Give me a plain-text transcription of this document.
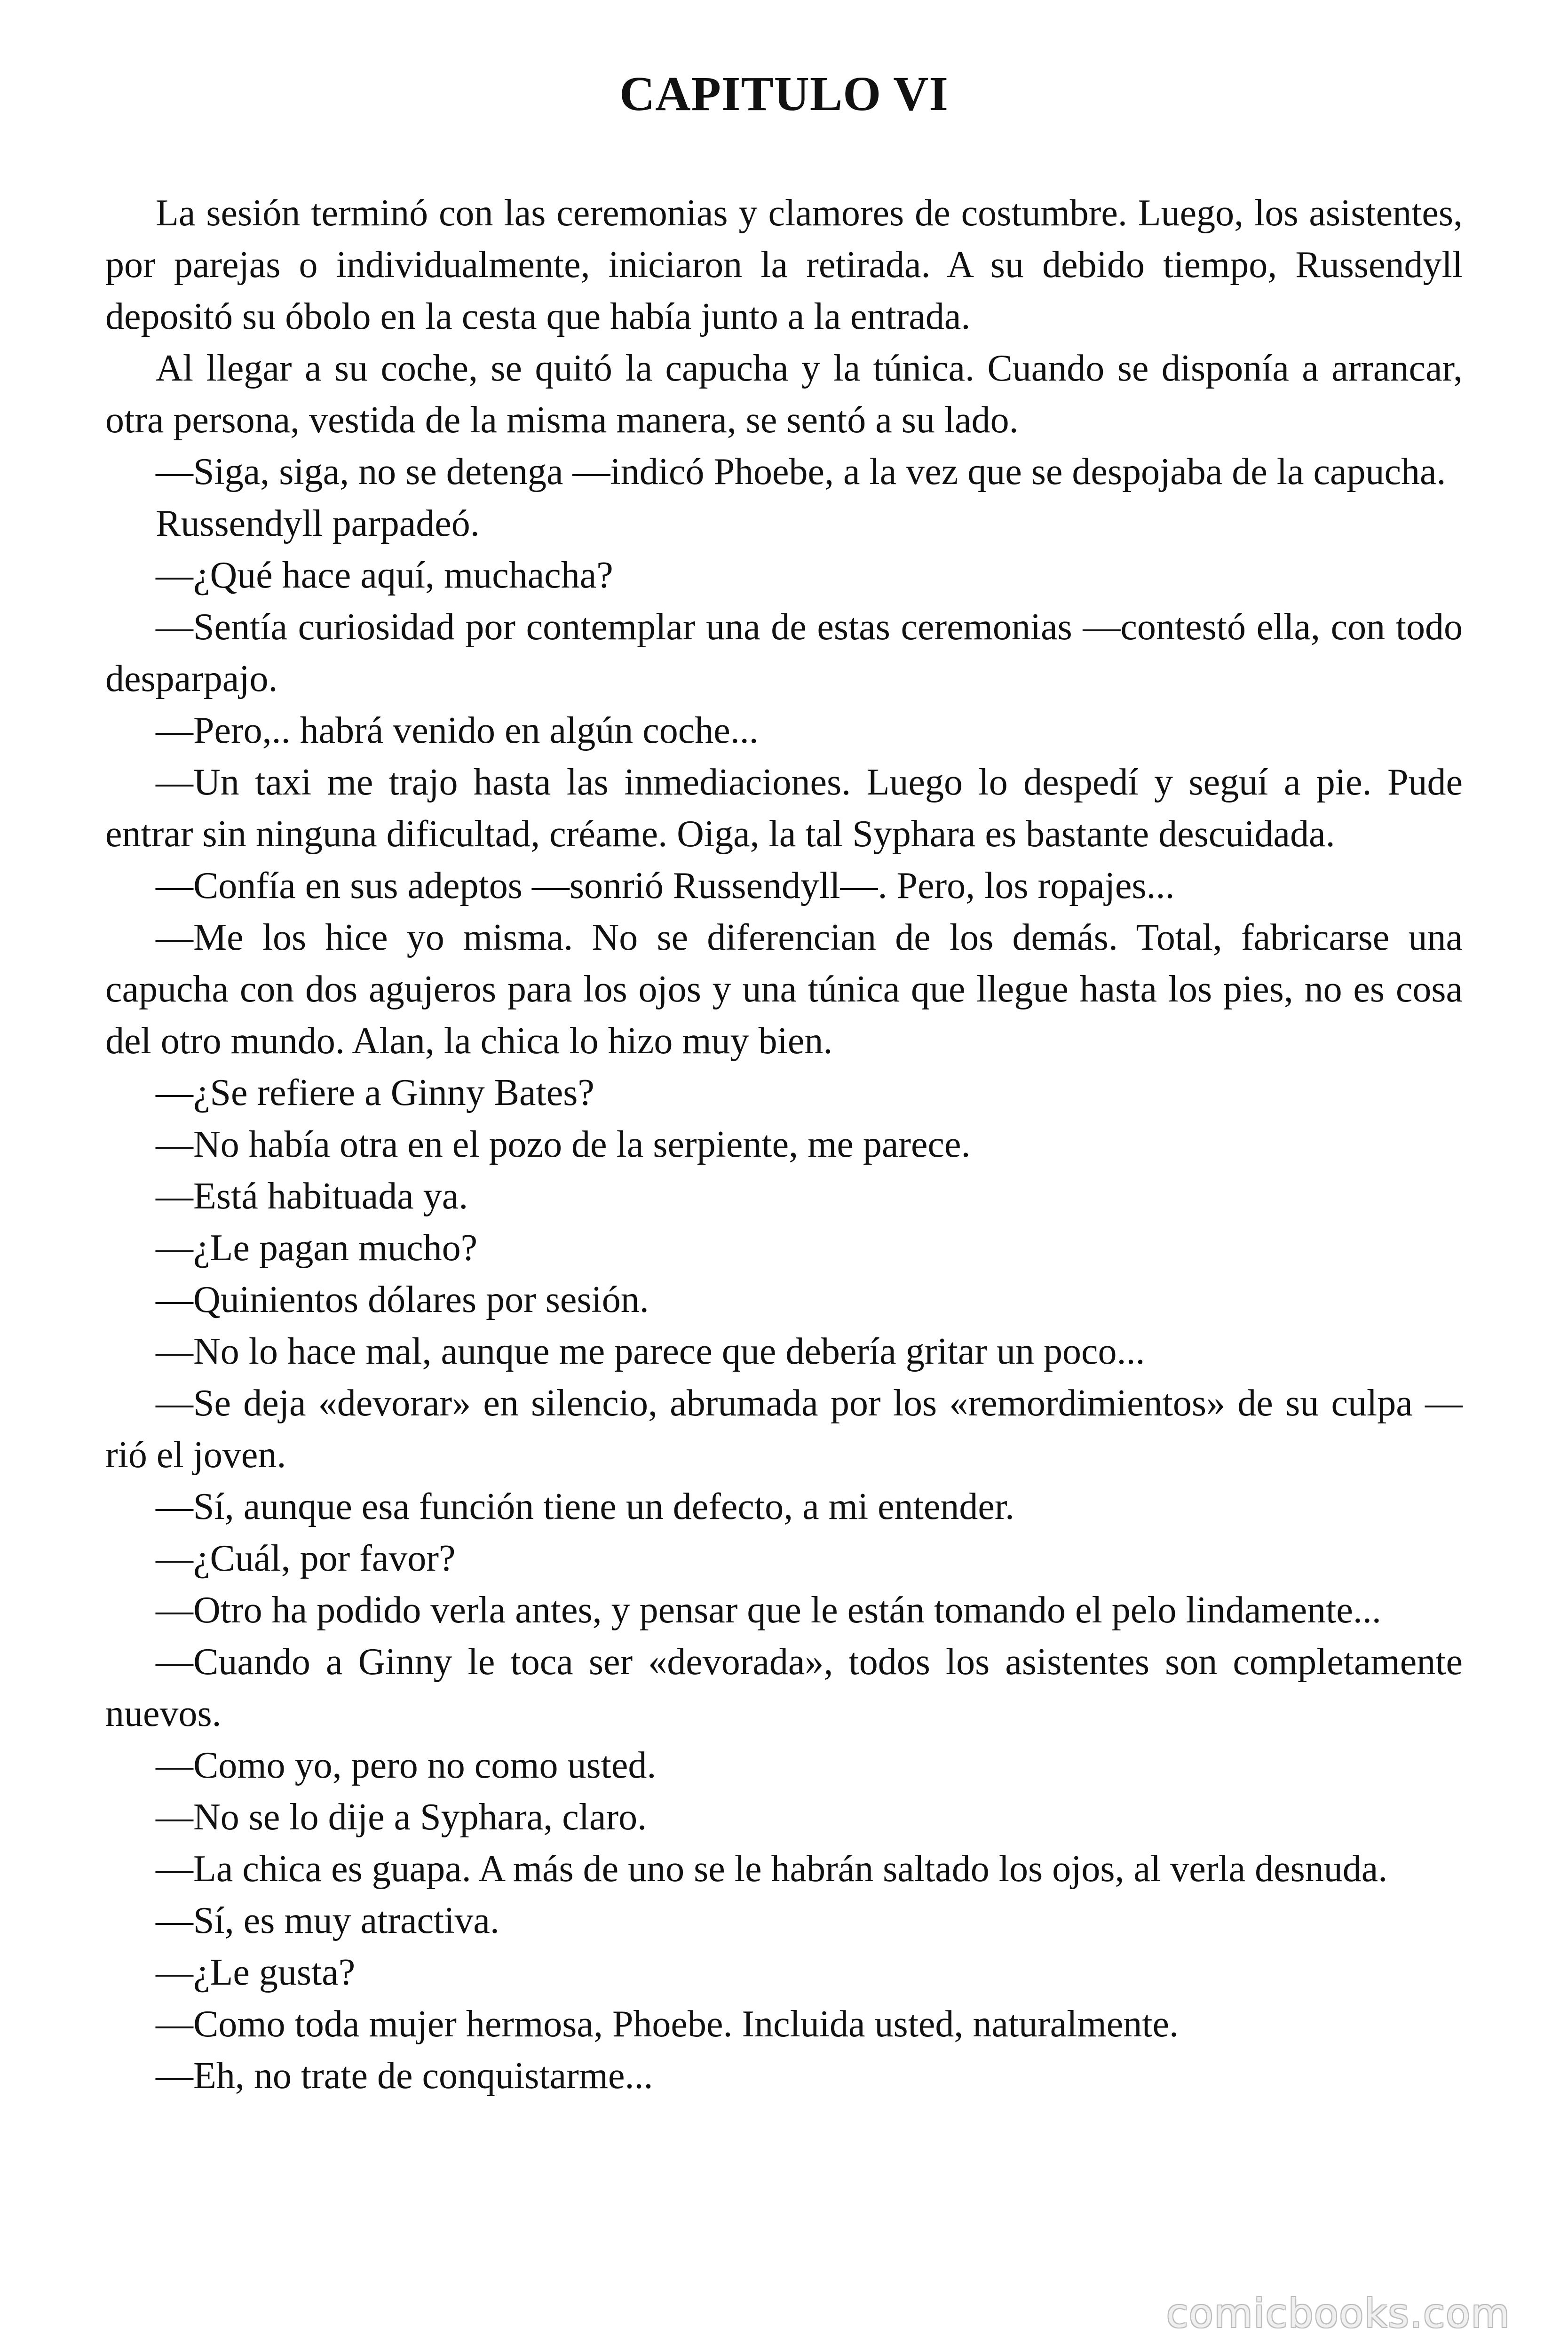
CAPITULO VI

La sesión terminó con las ceremonias y clamores de costumbre. Luego, los asistentes, por parejas o individualmente, iniciaron la retirada. A su debido tiempo, Russendyll depositó su óbolo en la cesta que había junto a la entrada.

Al llegar a su coche, se quitó la capucha y la túnica. Cuando se disponía a arrancar, otra persona, vestida de la misma manera, se sentó a su lado.

—Siga, siga, no se detenga —indicó Phoebe, a la vez que se despojaba de la capucha.

Russendyll parpadeó.

—¿Qué hace aquí, muchacha?

—Sentía curiosidad por contemplar una de estas ceremonias —contestó ella, con todo desparpajo.

—Pero,.. habrá venido en algún coche...

—Un taxi me trajo hasta las inmediaciones. Luego lo despedí y seguí a pie. Pude entrar sin ninguna dificultad, créame. Oiga, la tal Syphara es bastante descuidada.

—Confía en sus adeptos —sonrió Russendyll—. Pero, los ropajes...

—Me los hice yo misma. No se diferencian de los demás. Total, fabricarse una capucha con dos agujeros para los ojos y una túnica que llegue hasta los pies, no es cosa del otro mundo. Alan, la chica lo hizo muy bien.

—¿Se refiere a Ginny Bates?

—No había otra en el pozo de la serpiente, me parece.

—Está habituada ya.

—¿Le pagan mucho?

—Quinientos dólares por sesión.

—No lo hace mal, aunque me parece que debería gritar un poco...

—Se deja «devorar» en silencio, abrumada por los «remordimientos» de su culpa —rió el joven.

—Sí, aunque esa función tiene un defecto, a mi entender.

—¿Cuál, por favor?

—Otro ha podido verla antes, y pensar que le están tomando el pelo lindamente...

—Cuando a Ginny le toca ser «devorada», todos los asistentes son completamente nuevos.

—Como yo, pero no como usted.

—No se lo dije a Syphara, claro.

—La chica es guapa. A más de uno se le habrán saltado los ojos, al verla desnuda.

—Sí, es muy atractiva.

—¿Le gusta?

—Como toda mujer hermosa, Phoebe. Incluida usted, naturalmente.

—Eh, no trate de conquistarme...

comicbooks.com
